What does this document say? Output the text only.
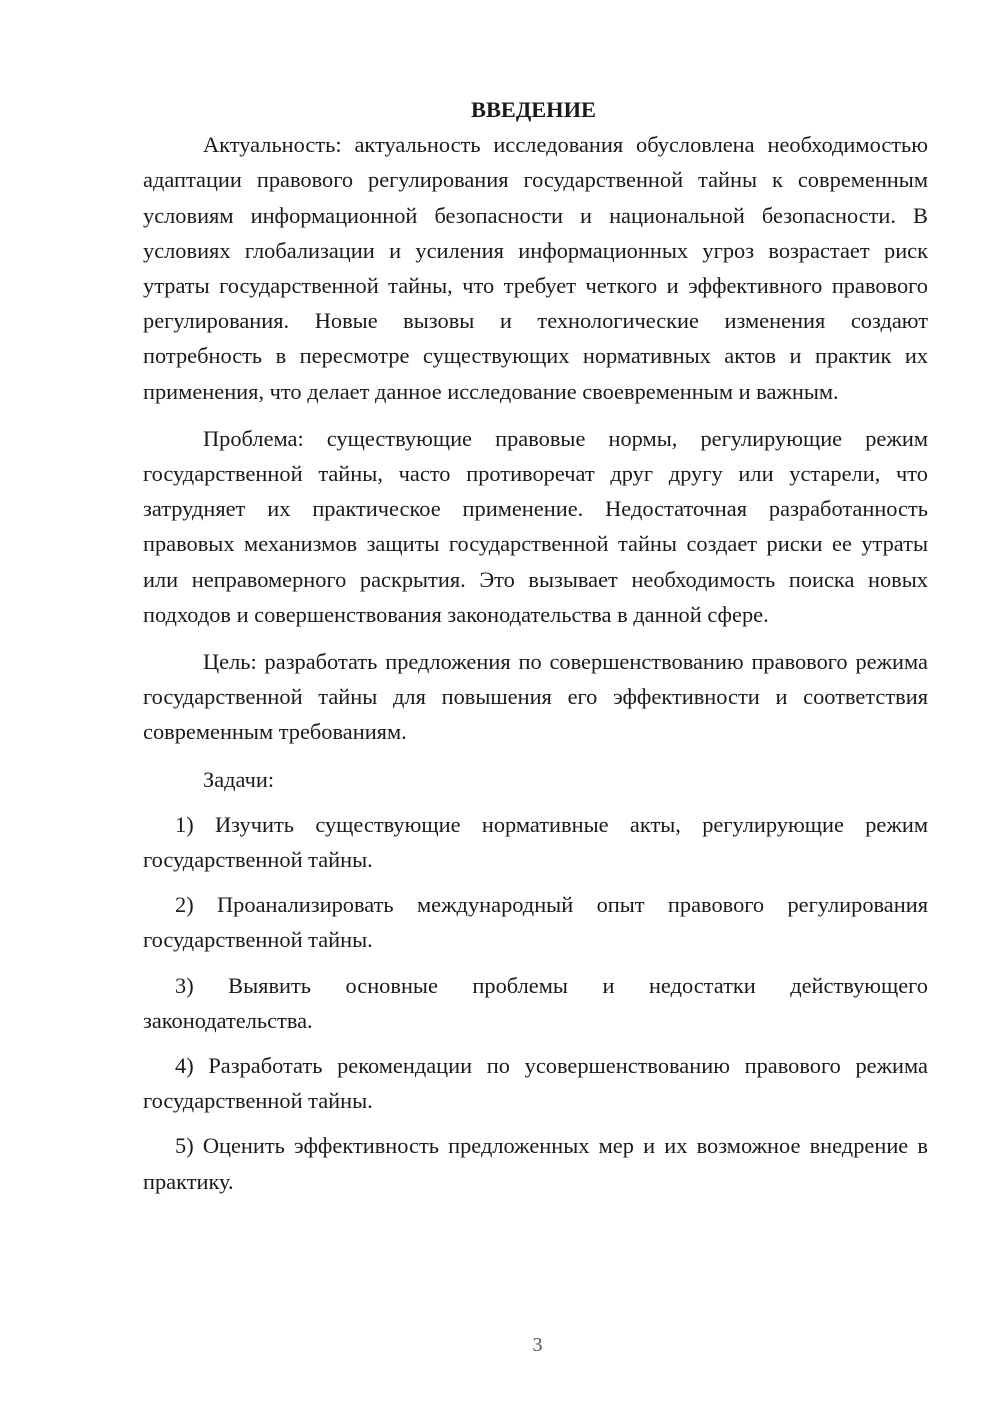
ВВЕДЕНИЕ

Актуальность: актуальность исследования обусловлена необходимостью адаптации правового регулирования государственной тайны к современным условиям информационной безопасности и национальной безопасности. В условиях глобализации и усиления информационных угроз возрастает риск утраты государственной тайны, что требует четкого и эффективного правового регулирования. Новые вызовы и технологические изменения создают потребность в пересмотре существующих нормативных актов и практик их применения, что делает данное исследование своевременным и важным.

Проблема: существующие правовые нормы, регулирующие режим государственной тайны, часто противоречат друг другу или устарели, что затрудняет их практическое применение. Недостаточная разработанность правовых механизмов защиты государственной тайны создает риски ее утраты или неправомерного раскрытия. Это вызывает необходимость поиска новых подходов и совершенствования законодательства в данной сфере.

Цель: разработать предложения по совершенствованию правового режима государственной тайны для повышения его эффективности и соответствия современным требованиям.

Задачи:

1) Изучить существующие нормативные акты, регулирующие режим государственной тайны.

2) Проанализировать международный опыт правового регулирования государственной тайны.

3) Выявить основные проблемы и недостатки действующего законодательства.

4) Разработать рекомендации по усовершенствованию правового режима государственной тайны.

5) Оценить эффективность предложенных мер и их возможное внедрение в практику.

3
